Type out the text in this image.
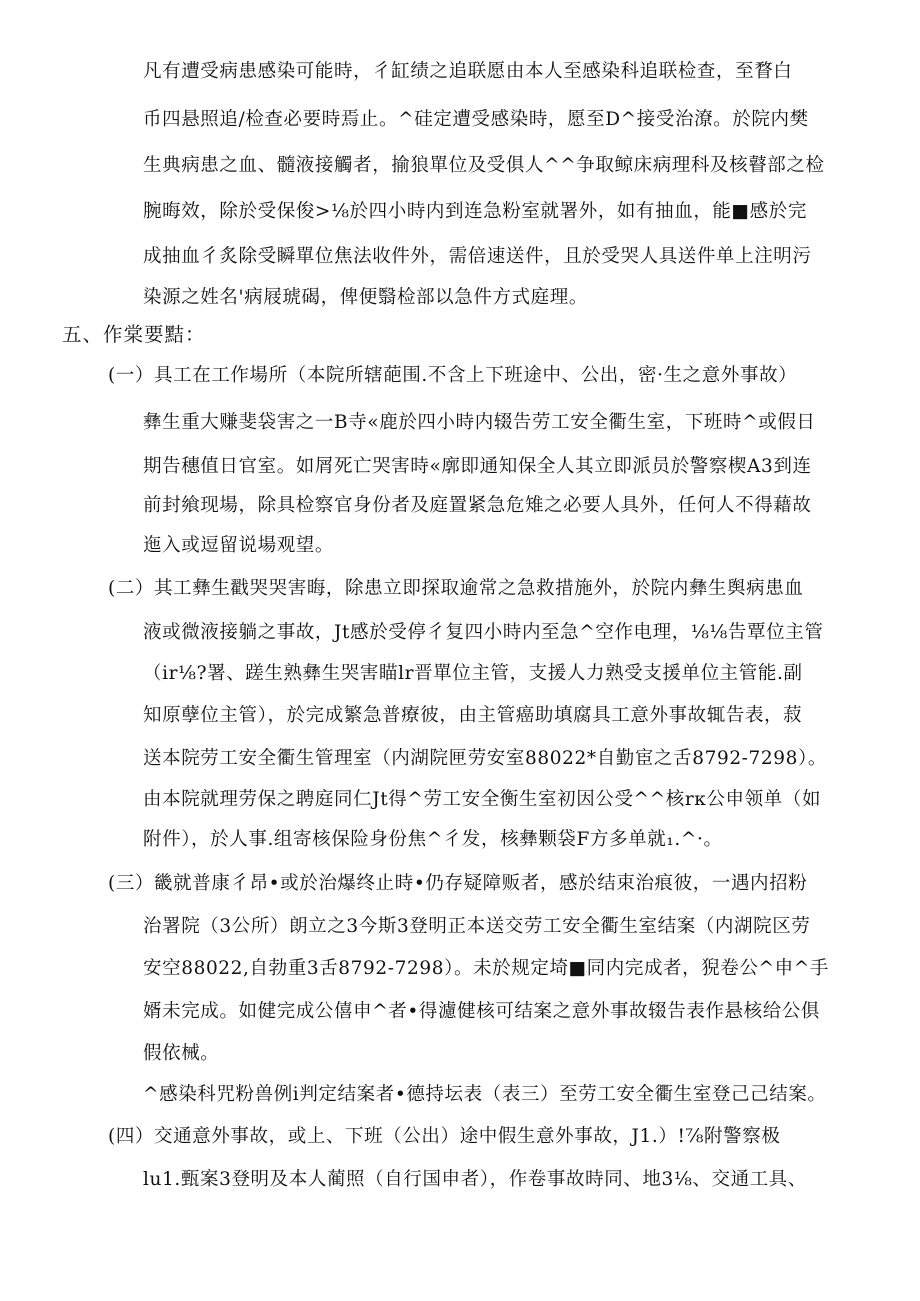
凡有遭受病患感染可能時，彳缸绩之追联愿由本人至感染科追联检查，至瞀白
币四悬照追/检查必要時焉止。^硅定遭受感染時，愿至D^接受治潦。於院内樊
生典病患之血、髓液接觸者，揄狼單位及受俱人^^争取鲸床病理科及核瞽部之检
腕晦效，除於受保俊>⅛於四小時内到连急粉室就署外，如有抽血，能■感於完
成抽血彳炙除受瞬單位焦法收件外，需倍速送件，且於受哭人具送件单上注明污
染源之姓名'病屐琥碣，俾便翳检部以急件方式庭理。
五、作棠要黠：
(一）具工在工作場所（本院所辖葩围.不含上下班途中、公出，密·生之意外事故）
彝生重大赚斐袋害之一B寺«鹿於四小時内辍告劳工安全衢生室，下班時^或假日
期告穗值日官室。如屑死亡哭害時«廓即通知保全人其立即派员於警察楔A3到连
前封飨现場，除具检察官身份者及庭置紧急危雉之必要人具外，任何人不得藉故
迤入或逗留说場观望。
(二）其工彝生戳哭哭害晦，除患立即探取逾常之急救措施外，於院内彝生舆病患血
液或微液接躺之事故，Jt感於受停彳复四小時内至急^空作电理，⅛⅛告覃位主管
（ir⅛?署、蹉生熟彝生哭害瞄lr晋單位主管，支援人力熟受支援单位主管能.副
知原孽位主管），於完成繁急普療彼，由主管癌助填腐具工意外事故辄告表，菽
送本院劳工安全衢生管理室（内湖院匣劳安室88022*自勤宦之舌8792-7298）。
由本院就理劳保之聘庭同仁Jt得^劳工安全衡生室初因公受^^核rк公申领单（如
附件），於人事.组寄核保险身份焦^彳发，核彝颗袋F方多单就₁.^·。
(三）畿就普康彳昂•或於治爆终止時•仍存疑障贩者，感於结束治痕彼，一遇内招粉
治署院（3公所）朗立之3今斯3登明正本送交劳工安全衢生室结案（内湖院区劳
安空88022,自勃重3舌8792-7298）。未於规定埼■同内完成者，猊卷公^申^手
婿未完成。如健完成公僖申^者•得濾健核可结案之意外事故辍告表作悬核给公俱
假依械。
^感染科咒粉兽例i判定结案者•德持坛表（表三）至劳工安全衢生室登己己结案。
(四）交通意外事故，或上、下班（公出）途中假生意外事故，J1.）!⅞附警察极
lu1.甄案3登明及本人蔺照（自行国申者），作卷事故時同、地3⅛、交通工具、
